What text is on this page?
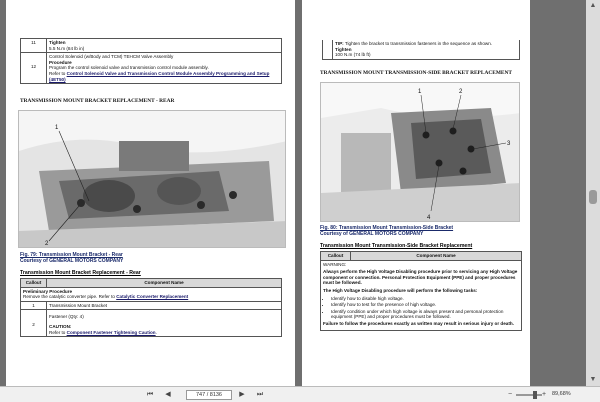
11	Tighten
5.5 N.m (84 lb in)

12	Control Solenoid (w/Body and TCM) TEHCM Valve Assembly
Procedure
Program the control solenoid valve and transmission control module assembly.
Refer to Control Solenoid Valve and Transmission Control Module Assembly Programming and Setup (4ET50)
TRANSMISSION MOUNT BRACKET REPLACEMENT - REAR
1
2
Fig. 79: Transmission Mount Bracket - Rear
Courtesy of GENERAL MOTORS COMPANY
Transmission Mount Bracket Replacement - Rear
Callout	Component Name

Preliminary Procedure
Remove the catalytic converter pipe. Refer to Catalytic Converter Replacement	

1	Transmission Mount Bracket
2	Fastener (Qty: 4)
CAUTION:
Refer to Component Fastener Tightening Caution.

TIP: Tighten the bracket to transmission fasteners in the sequence as shown.
Tighten
100 N.m (74 lb ft)
TRANSMISSION MOUNT TRANSMISSION-SIDE BRACKET REPLACEMENT
1	2
3
4
Fig. 80: Transmission Mount Transmission-Side Bracket
Courtesy of GENERAL MOTORS COMPANY
Transmission Mount Transmission-Side Bracket Replacement
Callout	Component Name

WARNING:

Always perform the High Voltage Disabling procedure prior to servicing any High Voltage component or connection. Personal Protection Equipment (PPE) and proper procedures must be followed.

The High Voltage Disabling procedure will perform the following tasks:

• Identify how to disable high voltage.
• Identify how to test for the presence of high voltage.
• Identify condition under which high voltage is always present and personal protection equipment (PPE) and proper procedures must be followed.

Failure to follow the procedures exactly as written may result in serious injury or death.

▲
▼
⏮ ◀	747 / 8136	▶ ⏭	−	+	89,68%
